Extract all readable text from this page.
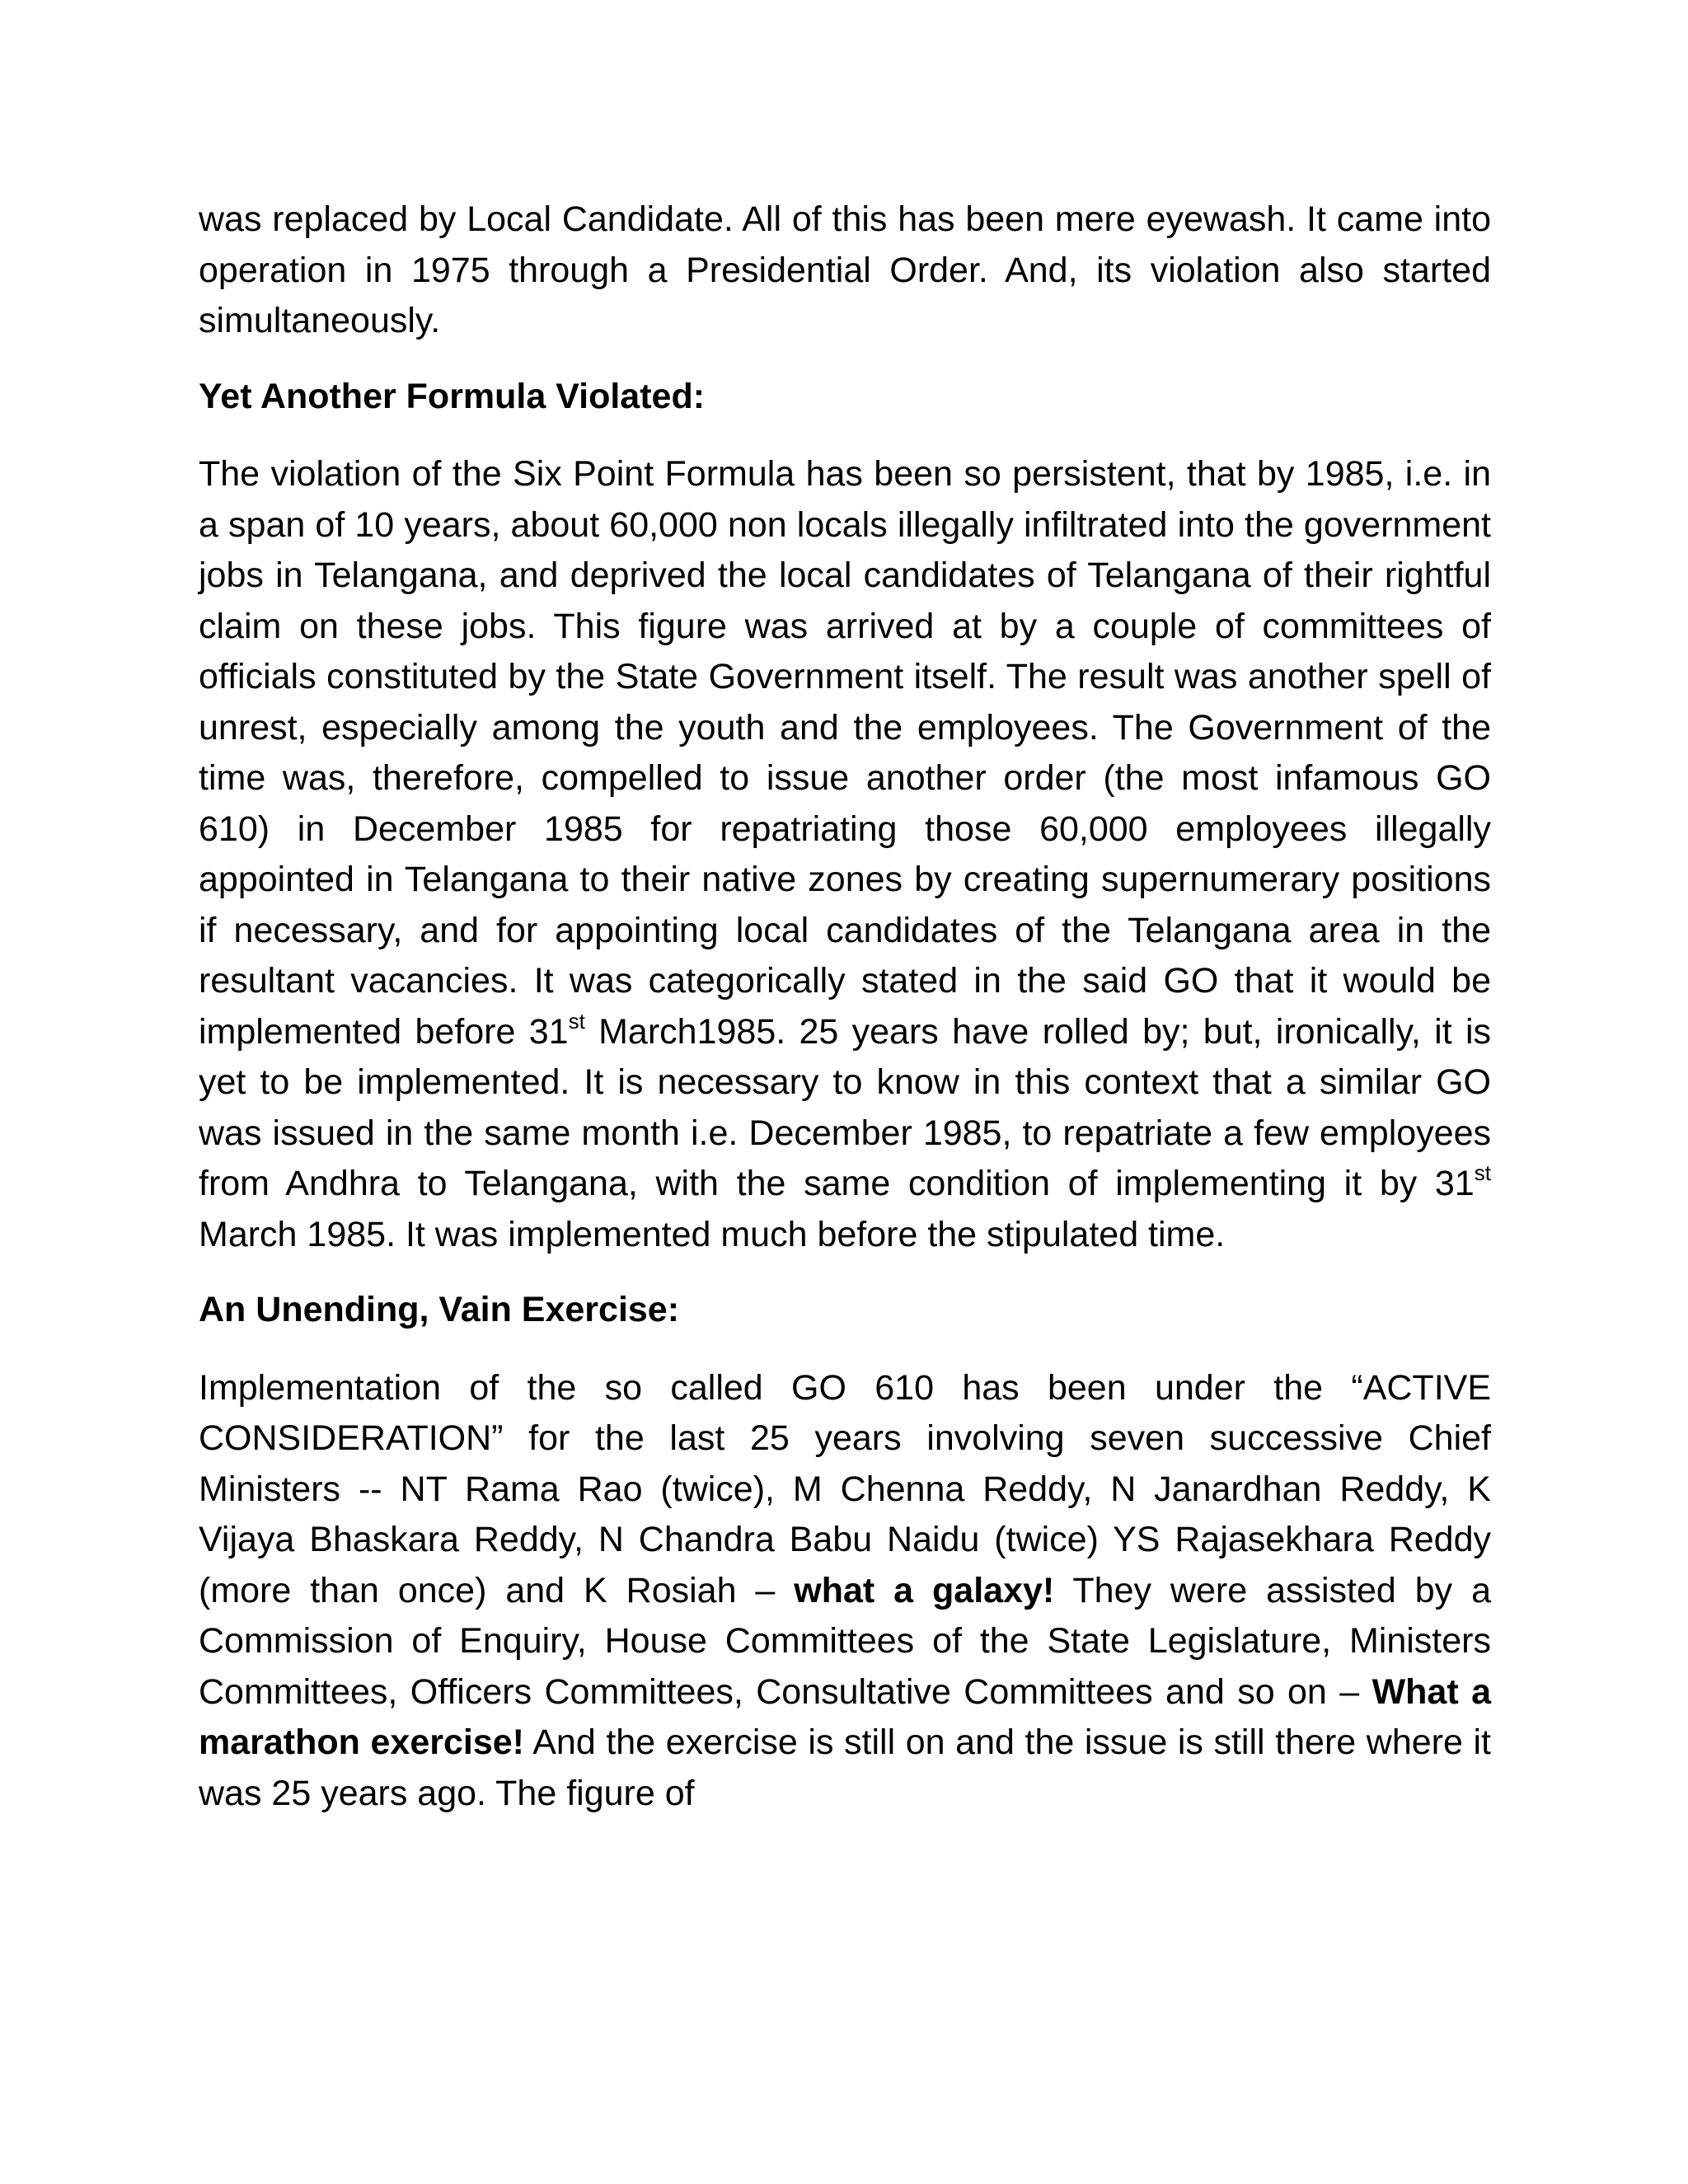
was replaced by Local Candidate. All of this has been mere eyewash. It came into operation in 1975 through a Presidential Order. And, its violation also started simultaneously.

Yet Another Formula Violated:

The violation of the Six Point Formula has been so persistent, that by 1985, i.e. in a span of 10 years, about 60,000 non locals illegally infiltrated into the government jobs in Telangana, and deprived the local candidates of Telangana of their rightful claim on these jobs. This figure was arrived at by a couple of committees of officials constituted by the State Government itself. The result was another spell of unrest, especially among the youth and the employees. The Government of the time was, therefore, compelled to issue another order (the most infamous GO 610) in December 1985 for repatriating those 60,000 employees illegally appointed in Telangana to their native zones by creating supernumerary positions if necessary, and for appointing local candidates of the Telangana area in the resultant vacancies. It was categorically stated in the said GO that it would be implemented before 31st March1985. 25 years have rolled by; but, ironically, it is yet to be implemented. It is necessary to know in this context that a similar GO was issued in the same month i.e. December 1985, to repatriate a few employees from Andhra to Telangana, with the same condition of implementing it by 31st March 1985. It was implemented much before the stipulated time.

An Unending, Vain Exercise:

Implementation of the so called GO 610 has been under the “ACTIVE CONSIDERATION” for the last 25 years involving seven successive Chief Ministers -- NT Rama Rao (twice), M Chenna Reddy, N Janardhan Reddy, K Vijaya Bhaskara Reddy, N Chandra Babu Naidu (twice) YS Rajasekhara Reddy (more than once) and K Rosiah – what a galaxy! They were assisted by a Commission of Enquiry, House Committees of the State Legislature, Ministers Committees, Officers Committees, Consultative Committees and so on – What a marathon exercise! And the exercise is still on and the issue is still there where it was 25 years ago. The figure of
